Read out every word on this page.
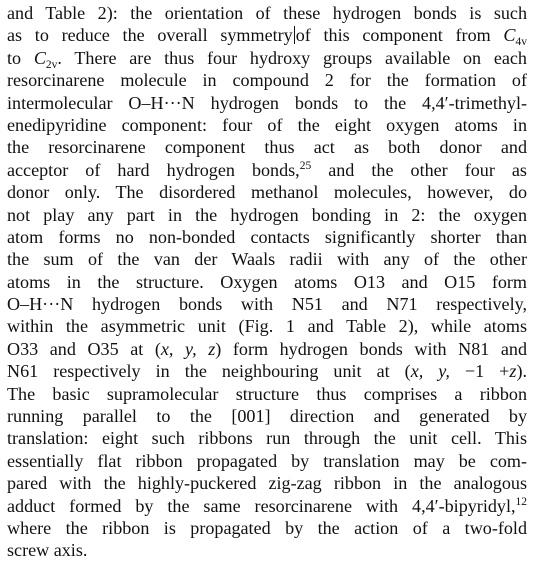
and Table 2): the orientation of these hydrogen bonds is such
as to reduce the overall symmetry of this component from $C_{4v}$
to $C_{2v}$. There are thus four hydroxy groups available on each
resorcinarene molecule in compound 2 for the formation of
intermolecular O–H···N hydrogen bonds to the 4,4′-trimethyl-
enedipyridine component: four of the eight oxygen atoms in
the resorcinarene component thus act as both donor and
acceptor of hard hydrogen bonds,$^{25}$ and the other four as
donor only. The disordered methanol molecules, however, do
not play any part in the hydrogen bonding in 2: the oxygen
atom forms no non-bonded contacts significantly shorter than
the sum of the van der Waals radii with any of the other
atoms in the structure. Oxygen atoms O13 and O15 form
O–H···N hydrogen bonds with N51 and N71 respectively,
within the asymmetric unit (Fig. 1 and Table 2), while atoms
O33 and O35 at (x, y, z) form hydrogen bonds with N81 and
N61 respectively in the neighbouring unit at (x, y, −1 +z).
The basic supramolecular structure thus comprises a ribbon
running parallel to the [001] direction and generated by
translation: eight such ribbons run through the unit cell. This
essentially flat ribbon propagated by translation may be com-
pared with the highly-puckered zig-zag ribbon in the analogous
adduct formed by the same resorcinarene with 4,4′-bipyridyl,$^{12}$
where the ribbon is propagated by the action of a two-fold
screw axis.
